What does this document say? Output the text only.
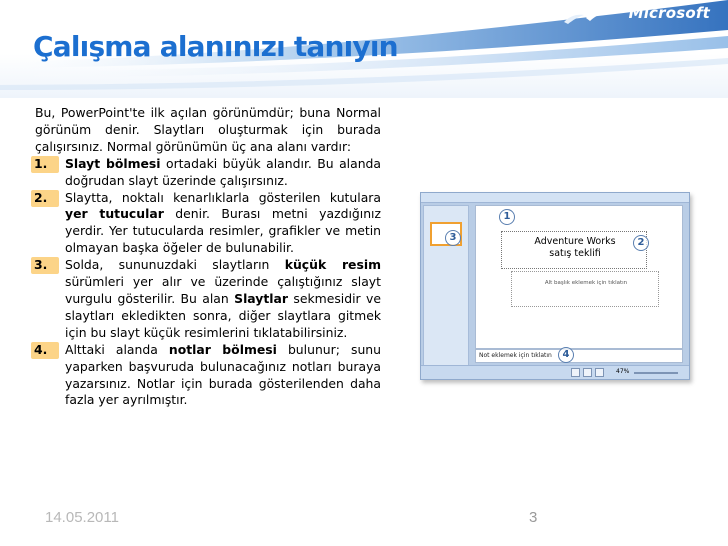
Microsoft
Çalışma alanınızı tanıyın

Bu, PowerPoint'te ilk açılan görünümdür; buna Normal görünüm denir. Slaytları oluşturmak için burada çalışırsınız. Normal görünümün üç ana alanı vardır:

1.	Slayt bölmesi ortadaki büyük alandır. Bu alanda doğrudan slayt üzerinde çalışırsınız.
2.	Slaytta, noktalı kenarlıklarla gösterilen kutulara yer tutucular denir. Burası metni yazdığınız yerdir. Yer tutucularda resimler, grafikler ve metin olmayan başka öğeler de bulunabilir.
3.	Solda, sununuzdaki slaytların küçük resim sürümleri yer alır ve üzerinde çalıştığınız slayt vurgulu gösterilir. Bu alan Slaytlar sekmesidir ve slaytları ekledikten sonra, diğer slaytlara gitmek için bu slayt küçük resimlerini tıklatabilirsiniz.
4.	Alttaki alanda notlar bölmesi bulunur; sunu yaparken başvuruda bulunacağınız notları buraya yazarsınız. Notlar için burada gösterilenden daha fazla yer ayrılmıştır.
Adventure Works
satış teklifi
Alt başlık eklemek için tıklatın
Not eklemek için tıklatın
47%
1
2
3
4
14.05.2011	3
